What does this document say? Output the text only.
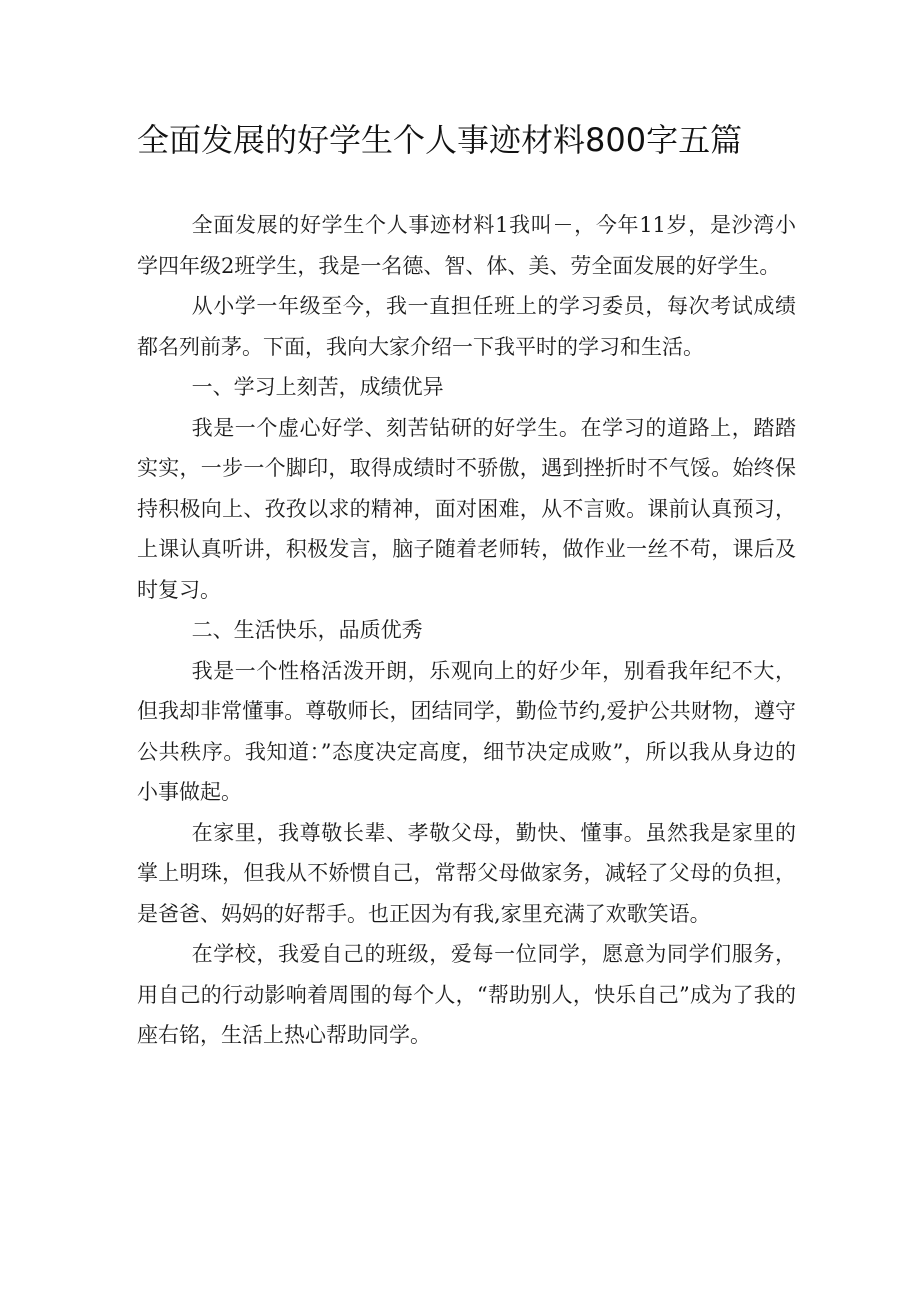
全面发展的好学生个人事迹材料800字五篇

全面发展的好学生个人事迹材料1我叫－，今年11岁，是沙湾小学四年级2班学生，我是一名德、智、体、美、劳全面发展的好学生。

从小学一年级至今，我一直担任班上的学习委员，每次考试成绩都名列前茅。下面，我向大家介绍一下我平时的学习和生活。

一、学习上刻苦，成绩优异

我是一个虚心好学、刻苦钻研的好学生。在学习的道路上，踏踏实实，一步一个脚印，取得成绩时不骄傲，遇到挫折时不气馁。始终保持积极向上、孜孜以求的精神，面对困难，从不言败。课前认真预习，上课认真听讲，积极发言，脑子随着老师转，做作业一丝不苟，课后及时复习。

二、生活快乐，品质优秀

我是一个性格活泼开朗，乐观向上的好少年，别看我年纪不大，但我却非常懂事。尊敬师长，团结同学，勤俭节约,爱护公共财物，遵守公共秩序。我知道：”态度决定高度，细节决定成败”，所以我从身边的小事做起。

在家里，我尊敬长辈、孝敬父母，勤快、懂事。虽然我是家里的掌上明珠，但我从不娇惯自己，常帮父母做家务，减轻了父母的负担，是爸爸、妈妈的好帮手。也正因为有我,家里充满了欢歌笑语。

在学校，我爱自己的班级，爱每一位同学，愿意为同学们服务，用自己的行动影响着周围的每个人，“帮助别人，快乐自己”成为了我的座右铭，生活上热心帮助同学。
